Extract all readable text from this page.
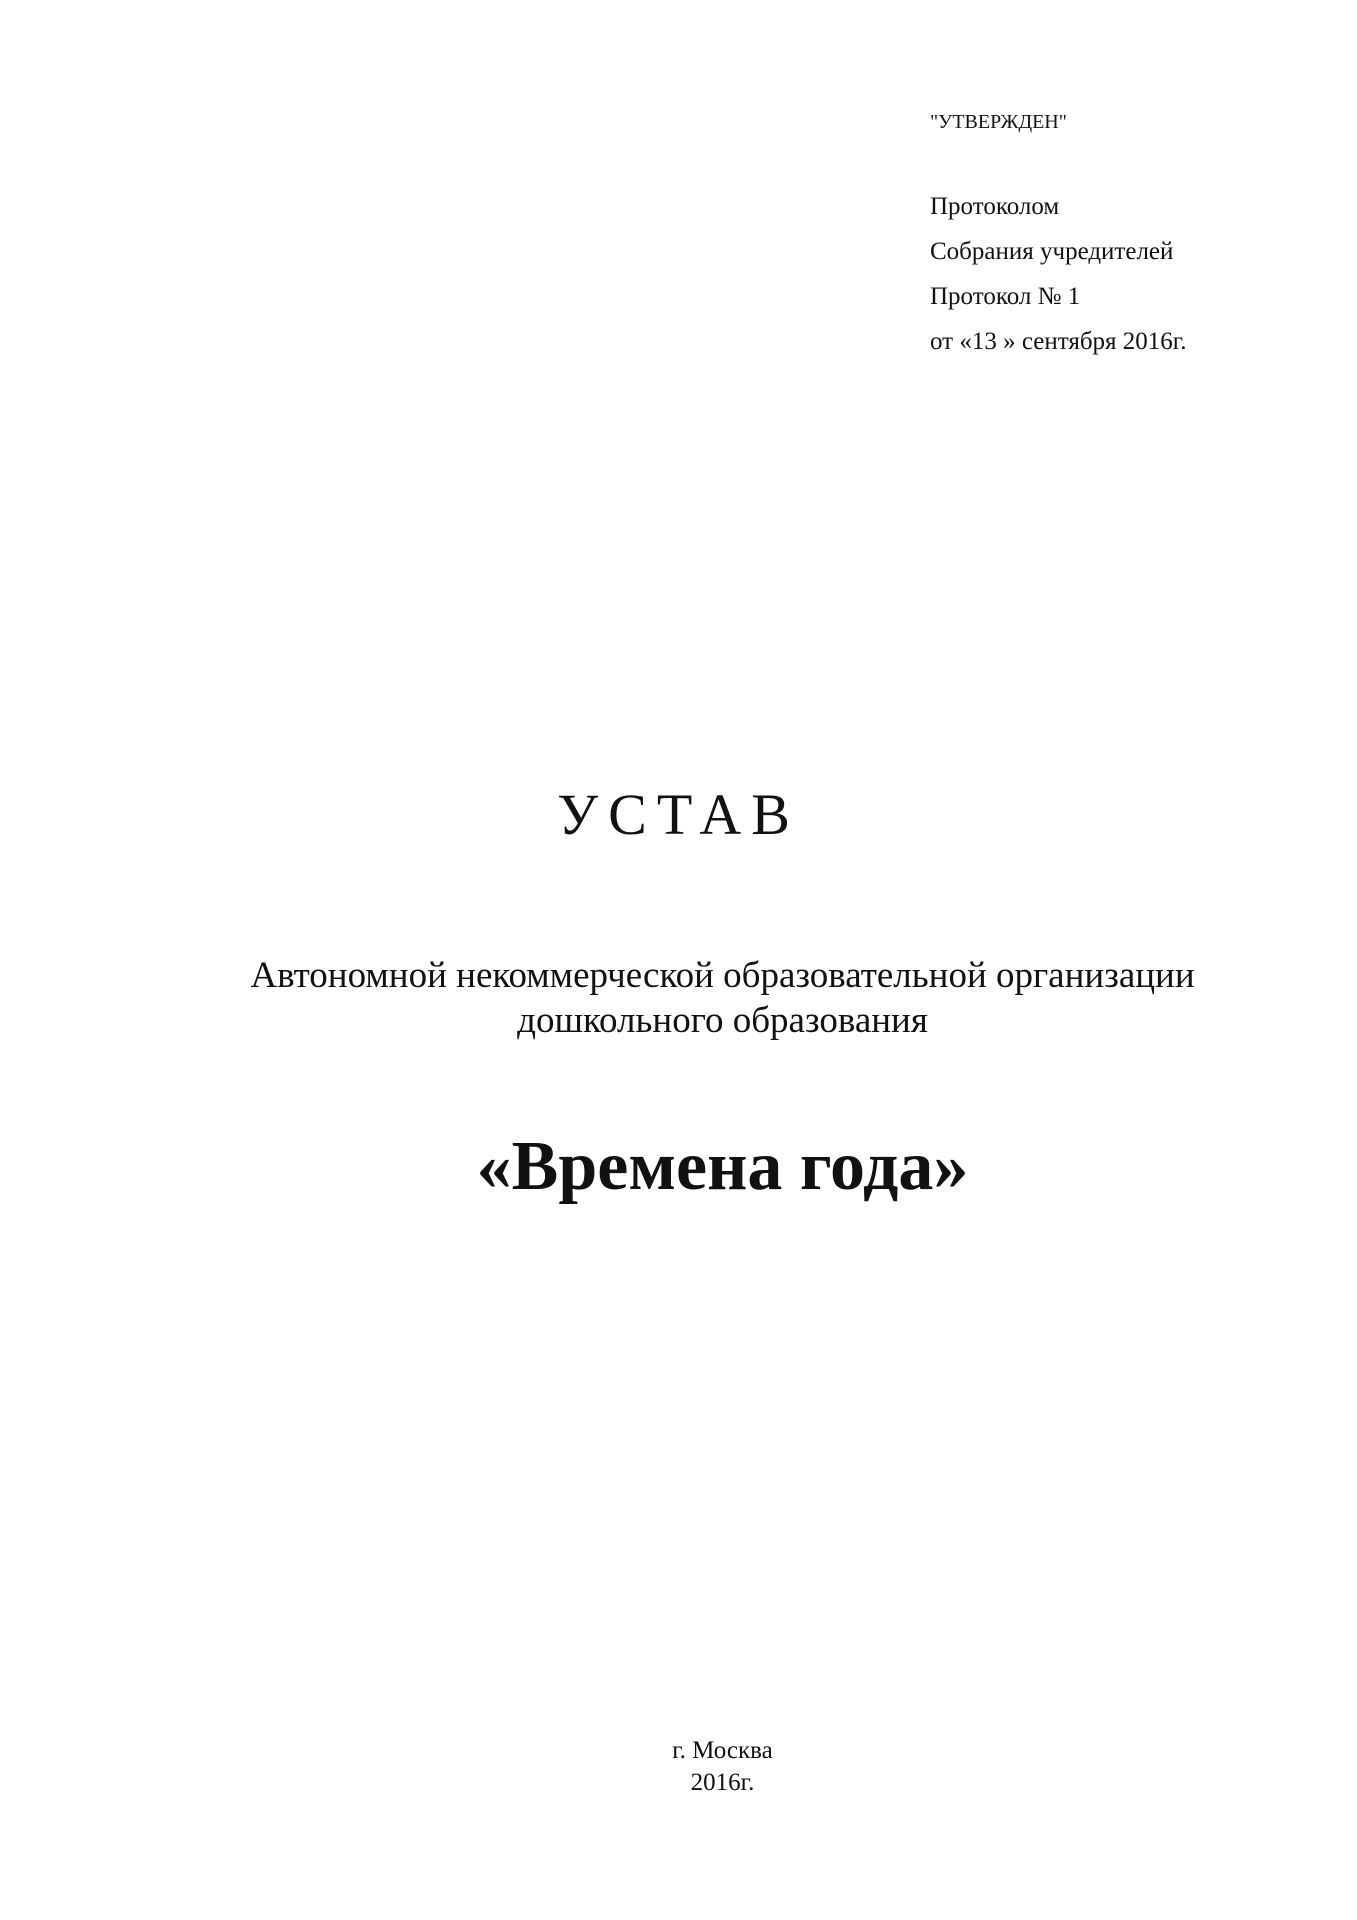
"УТВЕРЖДЕН"

Протоколом

Собрания учредителей

Протокол № 1

от «13 » сентября 2016г.

УСТАВ
Автономной некоммерческой образовательной организации
дошкольного образования
«Времена года»
г. Москва
2016г.
